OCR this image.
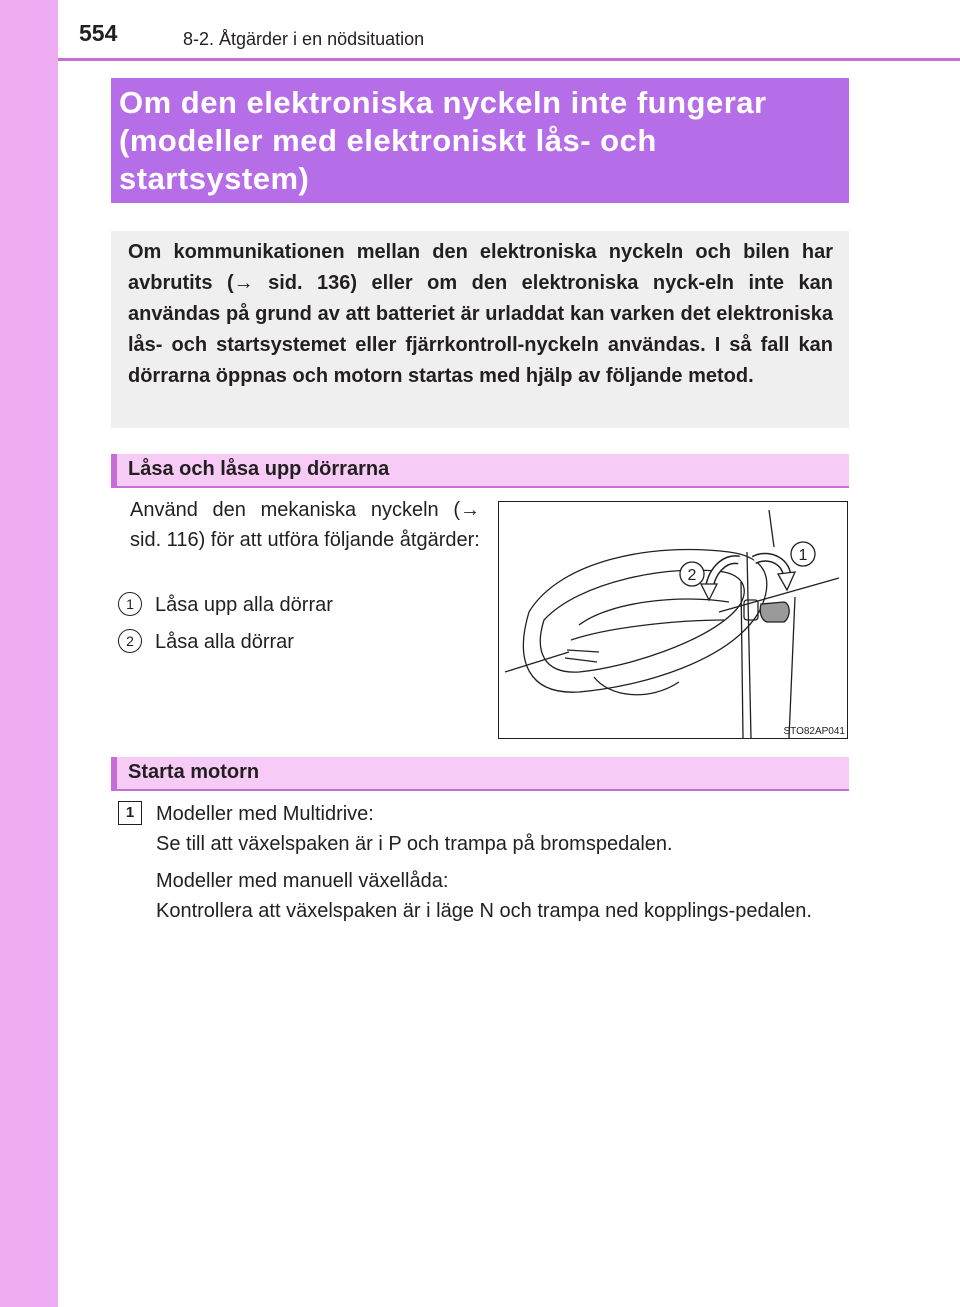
554	8-2. Åtgärder i en nödsituation
Om den elektroniska nyckeln inte fungerar
(modeller med elektroniskt lås- och
startsystem)

Om kommunikationen mellan den elektroniska nyckeln och bilen har avbrutits (→ sid. 136) eller om den elektroniska nyck-eln inte kan användas på grund av att batteriet är urladdat kan varken det elektroniska lås- och startsystemet eller fjärrkontroll-nyckeln användas. I så fall kan dörrarna öppnas och motorn startas med hjälp av följande metod.

Låsa och låsa upp dörrarna
Använd den mekaniska nyckeln (→ sid. 116) för att utföra följande åtgärder:
1	Låsa upp alla dörrar
2	Låsa alla dörrar
1
2
STO82AP041
Starta motorn
1	Modeller med Multidrive:
Se till att växelspaken är i P och trampa på bromspedalen.
Modeller med manuell växellåda:
Kontrollera att växelspaken är i läge N och trampa ned kopplings-pedalen.
